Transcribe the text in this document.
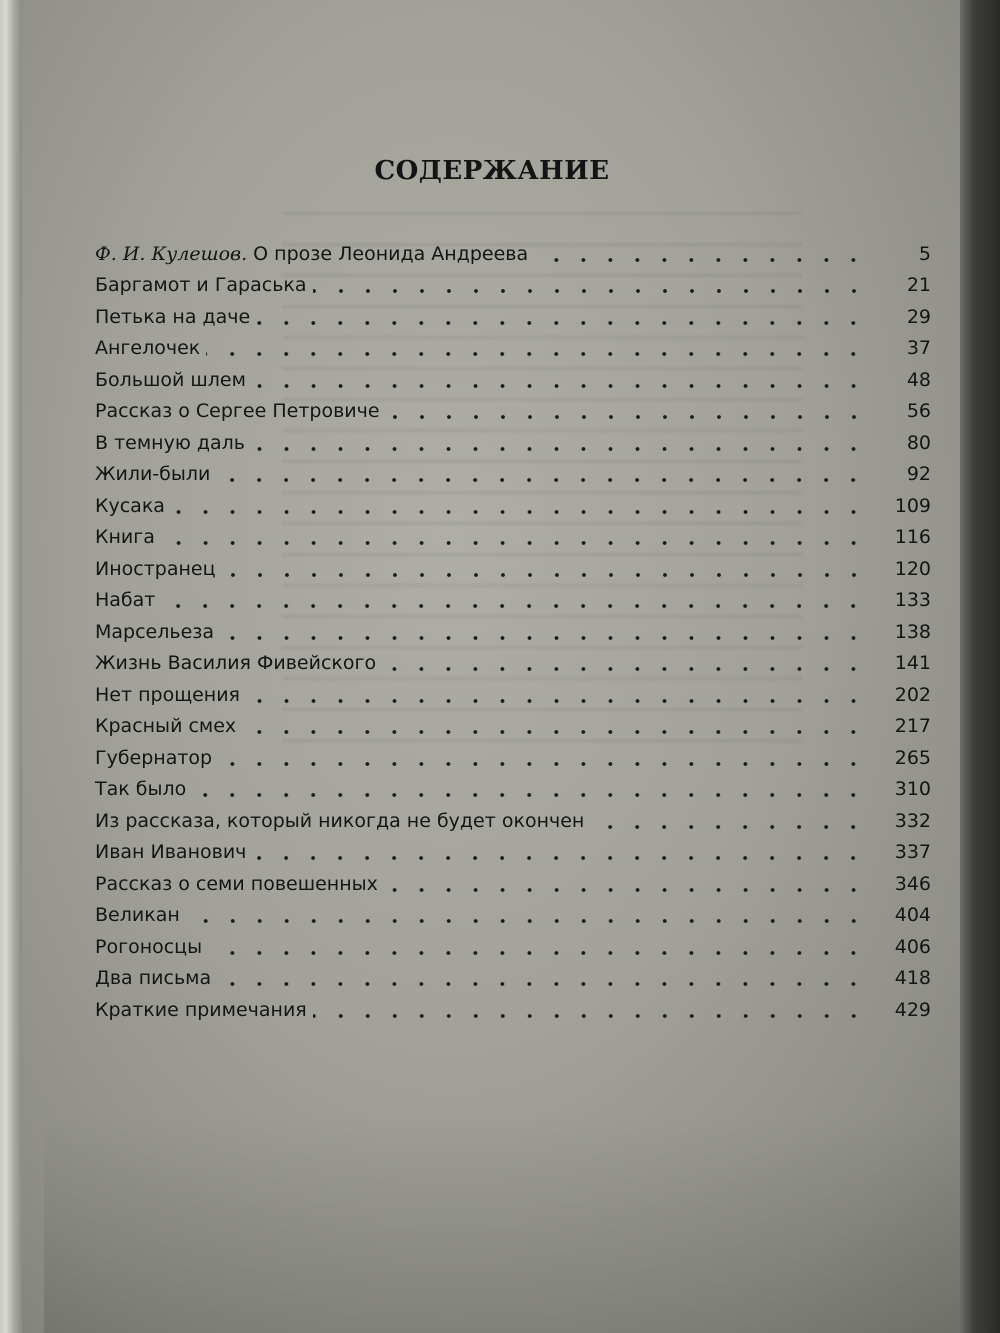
СОДЕРЖАНИЕ
Ф. И. Кулешов. О прозе Леонида Андреева	5
Баргамот и Гараська	21
Петька на даче	29
Ангелочек	37
Большой шлем	48
Рассказ о Сергее Петровиче	56
В темную даль	80
Жили-были	92
Кусака	109
Книга	116
Иностранец	120
Набат	133
Марсельеза	138
Жизнь Василия Фивейского	141
Нет прощения	202
Красный смех	217
Губернатор	265
Так было	310
Из рассказа, который никогда не будет окончен	332
Иван Иванович	337
Рассказ о семи повешенных	346
Великан	404
Рогоносцы	406
Два письма	418
Краткие примечания	429
